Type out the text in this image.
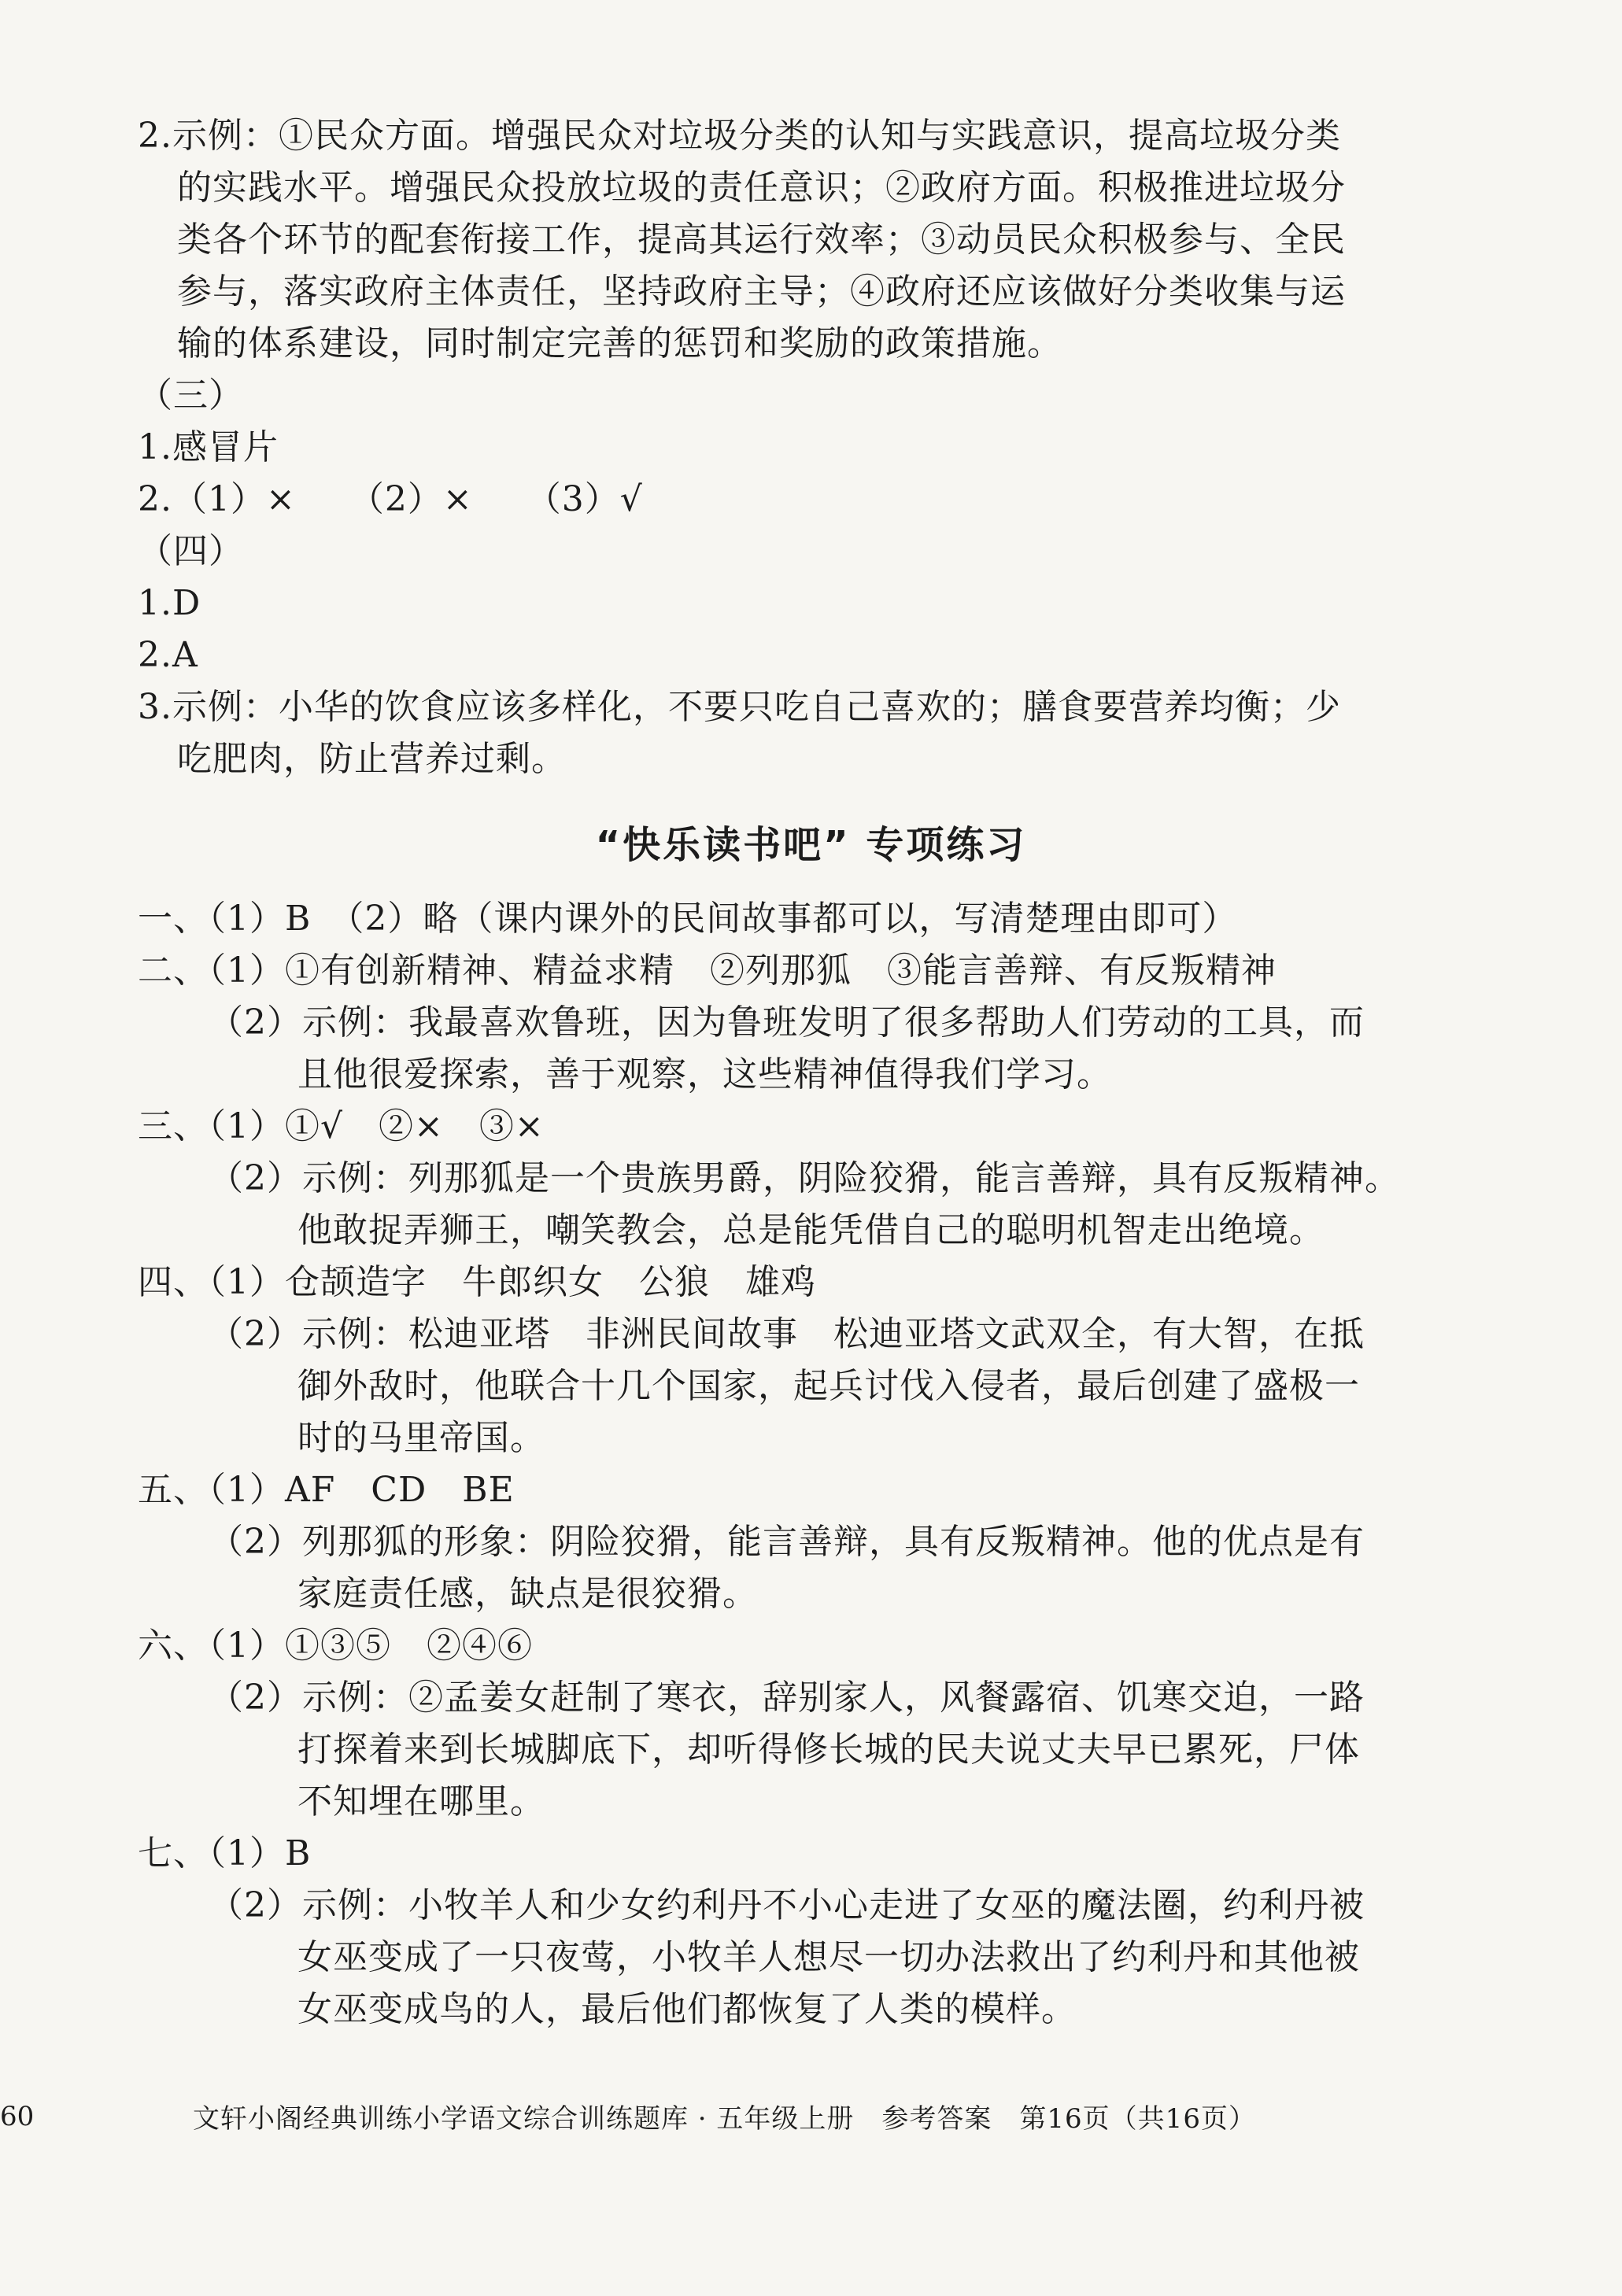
2.示例：①民众方面。增强民众对垃圾分类的认知与实践意识，提高垃圾分类
的实践水平。增强民众投放垃圾的责任意识；②政府方面。积极推进垃圾分
类各个环节的配套衔接工作，提高其运行效率；③动员民众积极参与、全民
参与，落实政府主体责任，坚持政府主导；④政府还应该做好分类收集与运
输的体系建设，同时制定完善的惩罚和奖励的政策措施。
（三）
1.感冒片
2.（1）×　　（2）×　　（3）√
（四）
1.D
2.A
3.示例：小华的饮食应该多样化，不要只吃自己喜欢的；膳食要营养均衡；少
吃肥肉，防止营养过剩。
“快乐读书吧” 专项练习
一、（1）B　（2）略（课内课外的民间故事都可以，写清楚理由即可）
二、（1）①有创新精神、精益求精　②列那狐　③能言善辩、有反叛精神
（2）示例：我最喜欢鲁班，因为鲁班发明了很多帮助人们劳动的工具，而
且他很爱探索，善于观察，这些精神值得我们学习。
三、（1）①√　②×　③×
（2）示例：列那狐是一个贵族男爵，阴险狡猾，能言善辩，具有反叛精神。
他敢捉弄狮王，嘲笑教会，总是能凭借自己的聪明机智走出绝境。
四、（1）仓颉造字　牛郎织女　公狼　雄鸡
（2）示例：松迪亚塔　非洲民间故事　松迪亚塔文武双全，有大智，在抵
御外敌时，他联合十几个国家，起兵讨伐入侵者，最后创建了盛极一
时的马里帝国。
五、（1）AF　CD　BE
（2）列那狐的形象：阴险狡猾，能言善辩，具有反叛精神。他的优点是有
家庭责任感，缺点是很狡猾。
六、（1）①③⑤　②④⑥
（2）示例：②孟姜女赶制了寒衣，辞别家人，风餐露宿、饥寒交迫，一路
打探着来到长城脚底下，却听得修长城的民夫说丈夫早已累死，尸体
不知埋在哪里。
七、（1）B
（2）示例：小牧羊人和少女约利丹不小心走进了女巫的魔法圈，约利丹被
女巫变成了一只夜莺，小牧羊人想尽一切办法救出了约利丹和其他被
女巫变成鸟的人，最后他们都恢复了人类的模样。
60	文轩小阁经典训练小学语文综合训练题库 · 五年级上册　参考答案　第16页（共16页）
